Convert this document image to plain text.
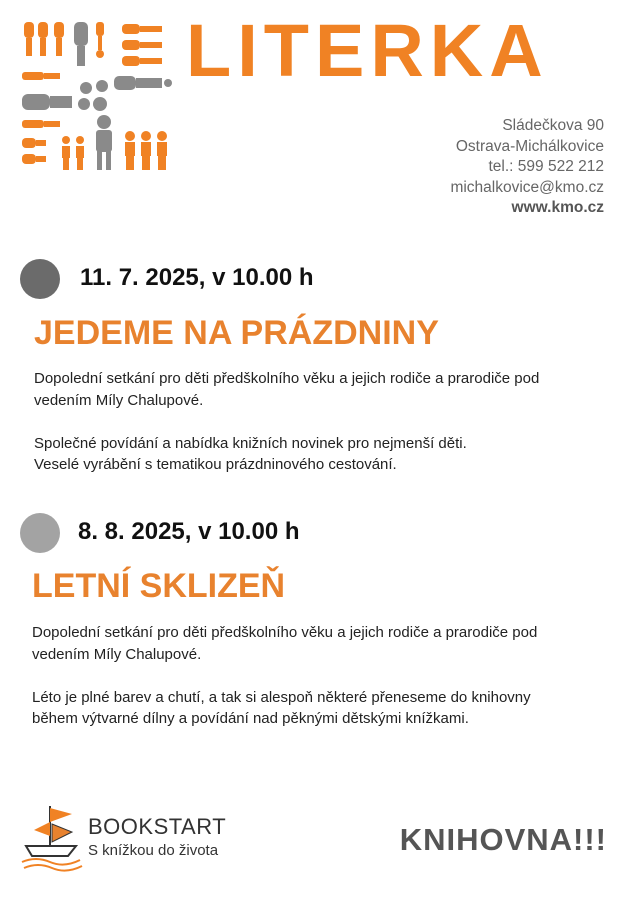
LITERKA
Sládečkova 90
Ostrava-Michálkovice
tel.: 599 522 212
michalkovice@kmo.cz
www.kmo.cz
11. 7. 2025, v 10.00 h
JEDEME NA PRÁZDNINY
Dopolední setkání pro děti předškolního věku a jejich rodiče a prarodiče pod
vedením Míly Chalupové.
Společné povídání a nabídka knižních novinek pro nejmenší děti.
Veselé vyrábění s tematikou prázdninového cestování.
8. 8. 2025, v 10.00 h
LETNÍ SKLIZEŇ
Dopolední setkání pro děti předškolního věku a jejich rodiče a prarodiče pod
vedením Míly Chalupové.
Léto je plné barev a chutí, a tak si alespoň některé přeneseme do knihovny
během výtvarné dílny a povídání nad pěknými dětskými knížkami.
BOOKSTART
S knížkou do života	KNIHOVNA!!!
